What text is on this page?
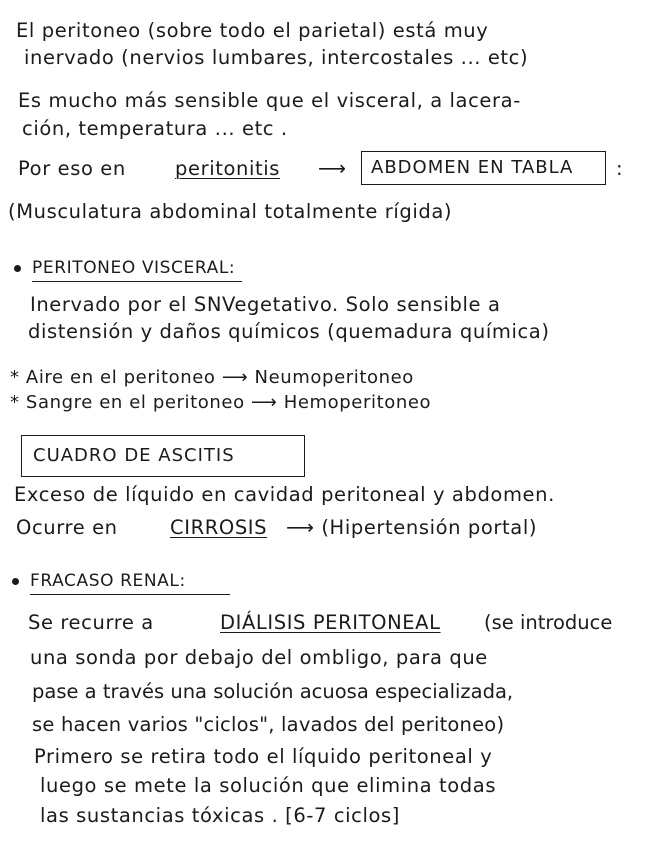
El peritoneo (sobre todo el parietal) está muy
inervado (nervios lumbares, intercostales ... etc)
Es mucho más sensible que el visceral, a lacera-
ción, temperatura ... etc .
Por eso en	peritonitis ⟶ ABDOMEN EN TABLA :
(Musculatura abdominal totalmente rígida)
PERITONEO VISCERAL:
Inervado por el SNVegetativo. Solo sensible a
distensión y daños químicos (quemadura química)
* Aire en el peritoneo ⟶ Neumoperitoneo
* Sangre en el peritoneo ⟶ Hemoperitoneo
CUADRO DE ASCITIS
Exceso de líquido en cavidad peritoneal y abdomen.
Ocurre en	CIRROSIS ⟶ (Hipertensión portal)
FRACASO RENAL:
Se recurre a	DIÁLISIS PERITONEAL (se introduce
una sonda por debajo del ombligo, para que
pase a través una solución acuosa especializada,
se hacen varios "ciclos", lavados del peritoneo)
Primero se retira todo el líquido peritoneal y
luego se mete la solución que elimina todas
las sustancias tóxicas . [6-7 ciclos]
